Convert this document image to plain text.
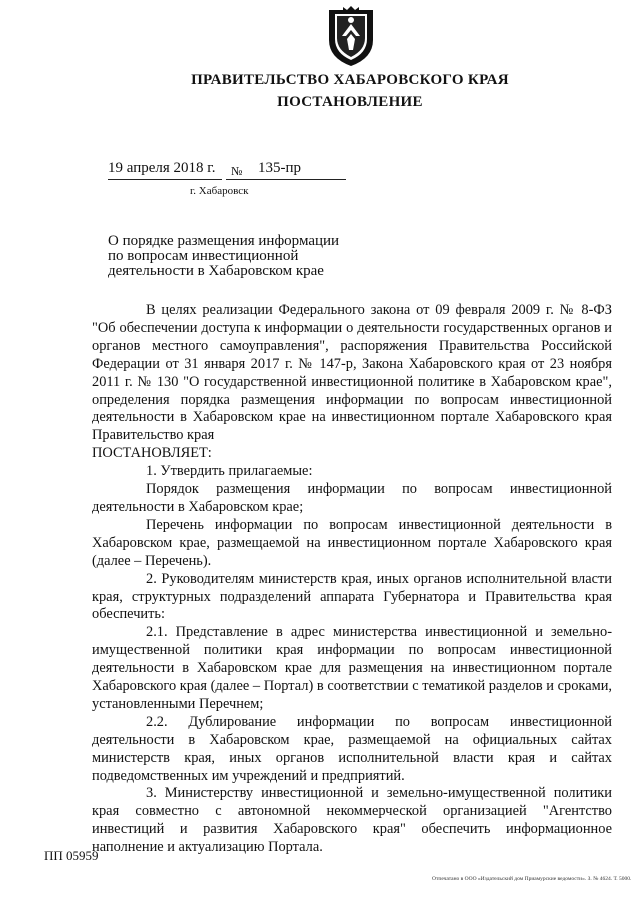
ПРАВИТЕЛЬСТВО ХАБАРОВСКОГО КРАЯ
ПОСТАНОВЛЕНИЕ
19 апреля 2018 г. № 135-пр
г. Хабаровск
О порядке размещения информации по вопросам инвестиционной деятельности в Хабаровском крае

В целях реализации Федерального закона от 09 февраля 2009 г. № 8-ФЗ "Об обеспечении доступа к информации о деятельности государственных органов и органов местного самоуправления", распоряжения Правительства Российской Федерации от 31 января 2017 г. № 147-р, Закона Хабаровского края от 23 ноября 2011 г. № 130 "О государственной инвестиционной политике в Хабаровском крае", определения порядка размещения информации по вопросам инвестиционной деятельности в Хабаровском крае на инвестиционном портале Хабаровского края Правительство края

ПОСТАНОВЛЯЕТ:

1. Утвердить прилагаемые:

Порядок размещения информации по вопросам инвестиционной деятельности в Хабаровском крае;

Перечень информации по вопросам инвестиционной деятельности в Хабаровском крае, размещаемой на инвестиционном портале Хабаровского края (далее – Перечень).

2. Руководителям министерств края, иных органов исполнительной власти края, структурных подразделений аппарата Губернатора и Правительства края обеспечить:

2.1. Представление в адрес министерства инвестиционной и земельно-имущественной политики края информации по вопросам инвестиционной деятельности в Хабаровском крае для размещения на инвестиционном портале Хабаровского края (далее – Портал) в соответствии с тематикой разделов и сроками, установленными Перечнем;

2.2. Дублирование информации по вопросам инвестиционной деятельности в Хабаровском крае, размещаемой на официальных сайтах министерств края, иных органов исполнительной власти края и сайтах подведомственных им учреждений и предприятий.

3. Министерству инвестиционной и земельно-имущественной политики края совместно с автономной некоммерческой организацией "Агентство инвестиций и развития Хабаровского края" обеспечить информационное наполнение и актуализацию Портала.

ПП 05959
Отпечатано в ООО «Издательский дом Приамурские ведомости». З. № 4624. Т. 5000.
